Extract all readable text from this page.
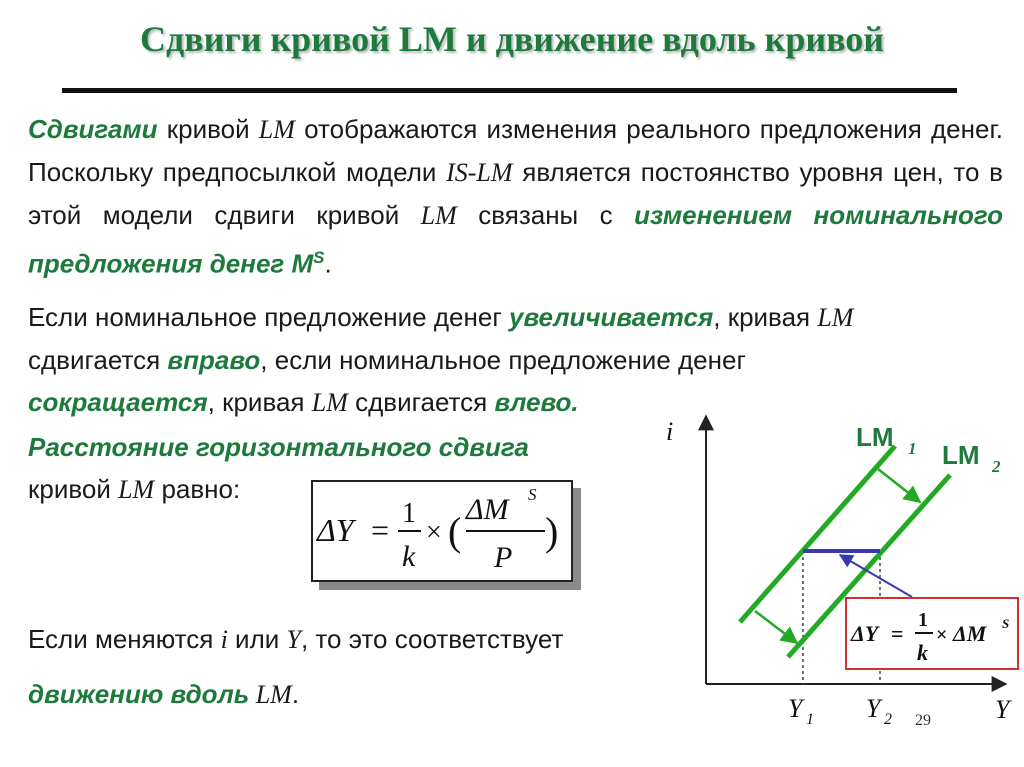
Сдвиги кривой LM и движение вдоль кривой
Сдвигами кривой LM отображаются изменения реального предложения денег. Поскольку предпосылкой модели IS-LM является постоянство уровня цен, то в этой модели сдвиги кривой LM связаны с изменением номинального предложения денег $M^S$.
Если номинальное предложение денег увеличивается, кривая LM
сдвигается вправо, если номинальное предложение денег
сокращается, кривая LM сдвигается влево.
Расстояние горизонтального сдвига
кривой LM равно:
Если меняются i или Y, то это соответствует
движению вдоль LM.
ΔY = 1
k
× ( ΔM S
P
)
i
Y
LM 1 LM 2
Y 1 Y 2
ΔY =
1
k
× ΔM S
29
